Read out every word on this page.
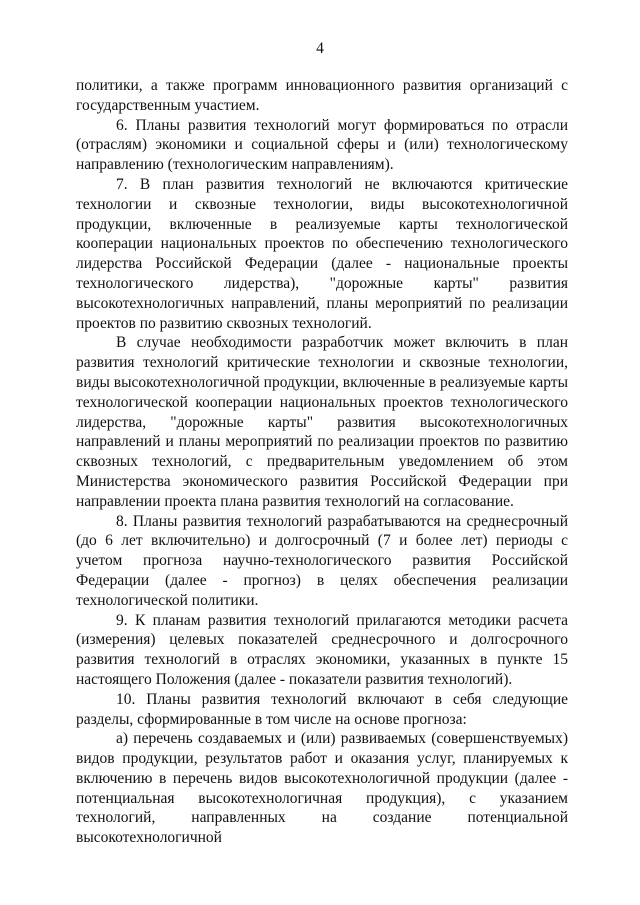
4

политики, а также программ инновационного развития организаций с государственным участием.

6. Планы развития технологий могут формироваться по отрасли (отраслям) экономики и социальной сферы и (или) технологическому направлению (технологическим направлениям).

7. В план развития технологий не включаются критические технологии и сквозные технологии, виды высокотехнологичной продукции, включенные в реализуемые карты технологической кооперации национальных проектов по обеспечению технологического лидерства Российской Федерации (далее - национальные проекты технологического лидерства), "дорожные карты" развития высокотехнологичных направлений, планы мероприятий по реализации проектов по развитию сквозных технологий.

В случае необходимости разработчик может включить в план развития технологий критические технологии и сквозные технологии, виды высокотехнологичной продукции, включенные в реализуемые карты технологической кооперации национальных проектов технологического лидерства, "дорожные карты" развития высокотехнологичных направлений и планы мероприятий по реализации проектов по развитию сквозных технологий, с предварительным уведомлением об этом Министерства экономического развития Российской Федерации при направлении проекта плана развития технологий на согласование.

8. Планы развития технологий разрабатываются на среднесрочный (до 6 лет включительно) и долгосрочный (7 и более лет) периоды с учетом прогноза научно-технологического развития Российской Федерации (далее - прогноз) в целях обеспечения реализации технологической политики.

9. К планам развития технологий прилагаются методики расчета (измерения) целевых показателей среднесрочного и долгосрочного развития технологий в отраслях экономики, указанных в пункте 15 настоящего Положения (далее - показатели развития технологий).

10. Планы развития технологий включают в себя следующие разделы, сформированные в том числе на основе прогноза:

а) перечень создаваемых и (или) развиваемых (совершенствуемых) видов продукции, результатов работ и оказания услуг, планируемых к включению в перечень видов высокотехнологичной продукции (далее - потенциальная высокотехнологичная продукция), с указанием технологий, направленных на создание потенциальной высокотехнологичной
